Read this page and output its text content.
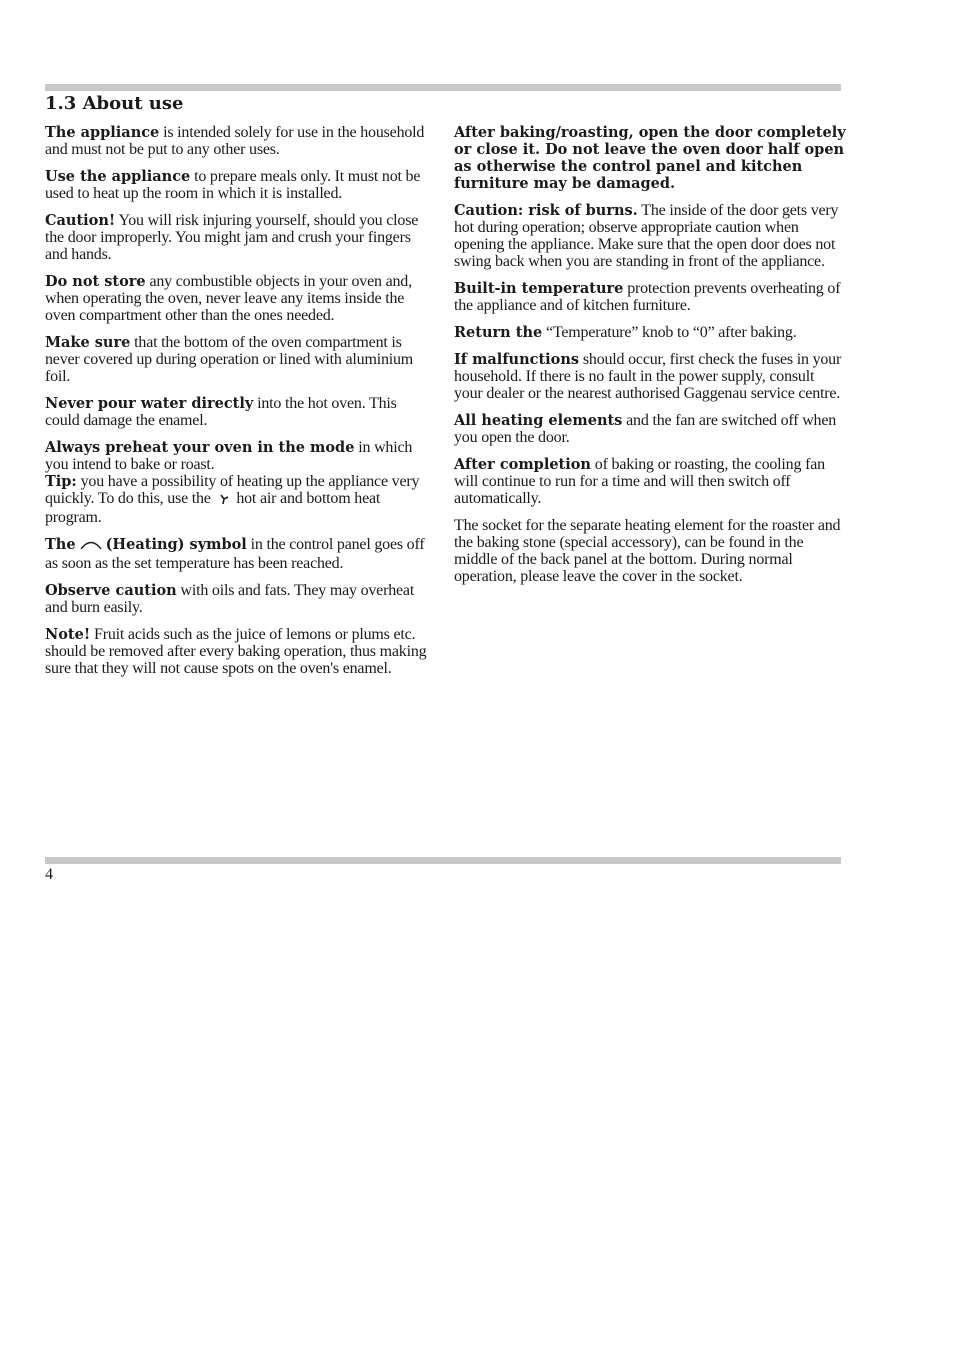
1.3 About use

The appliance is intended solely for use in the household and must not be put to any other uses.

Use the appliance to prepare meals only. It must not be used to heat up the room in which it is installed.

Caution! You will risk injuring yourself, should you close the door improperly. You might jam and crush your fingers and hands.

Do not store any combustible objects in your oven and, when operating the oven, never leave any items inside the oven compartment other than the ones needed.

Make sure that the bottom of the oven compartment is never covered up during operation or lined with aluminium foil.

Never pour water directly into the hot oven. This could damage the enamel.

Always preheat your oven in the mode in which you intend to bake or roast.

Tip: you have a possibility of heating up the appliance very quickly. To do this, use the  hot air and bottom heat program.

The (Heating) symbol in the control panel goes off as soon as the set temperature has been reached.

Observe caution with oils and fats. They may overheat and burn easily.

Note! Fruit acids such as the juice of lemons or plums etc. should be removed after every baking operation, thus making sure that they will not cause spots on the oven's enamel.

After baking/roasting, open the door completely or close it. Do not leave the oven door half open as otherwise the control panel and kitchen furniture may be damaged.

Caution: risk of burns. The inside of the door gets very hot during operation; observe appropriate caution when opening the appliance. Make sure that the open door does not swing back when you are standing in front of the appliance.

Built-in temperature protection prevents overheating of the appliance and of kitchen furniture.

Return the “Temperature” knob to “0” after baking.

If malfunctions should occur, first check the fuses in your household. If there is no fault in the power supply, consult your dealer or the nearest authorised Gaggenau service centre.

All heating elements and the fan are switched off when you open the door.

After completion of baking or roasting, the cooling fan will continue to run for a time and will then switch off automatically.

The socket for the separate heating element for the roaster and the baking stone (special accessory), can be found in the middle of the back panel at the bottom. During normal operation, please leave the cover in the socket.

4
